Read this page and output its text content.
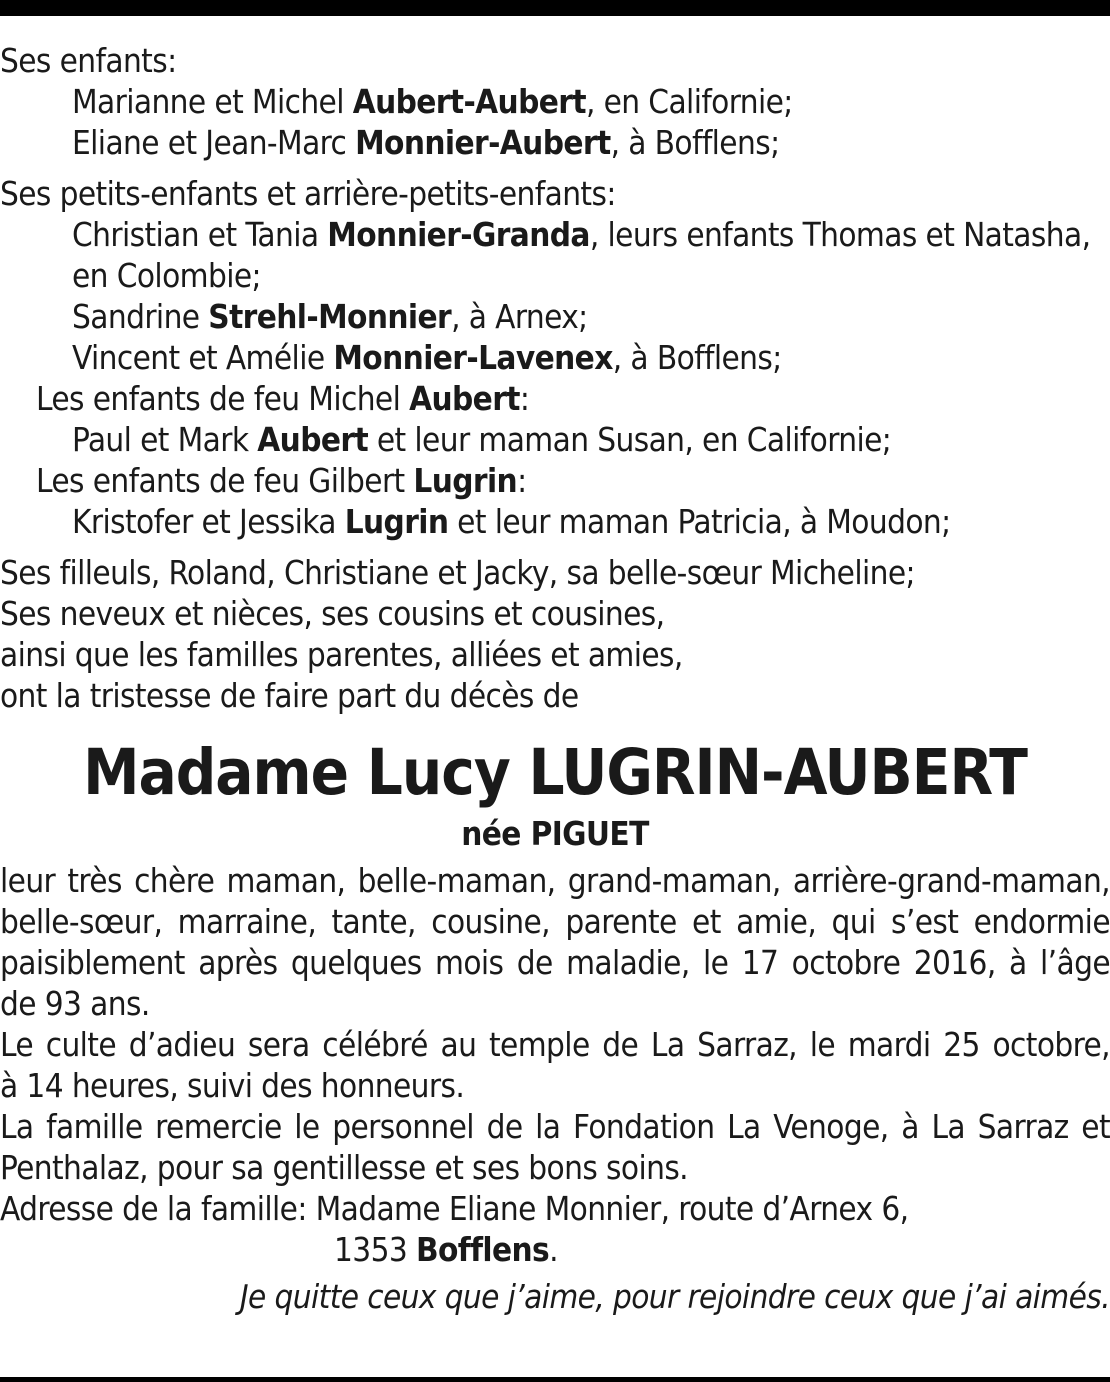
Ses enfants:
Marianne et Michel Aubert-Aubert, en Californie;
Eliane et Jean-Marc Monnier-Aubert, à Bofflens;
Ses petits-enfants et arrière-petits-enfants:
Christian et Tania Monnier-Granda, leurs enfants Thomas et Natasha,
en Colombie;
Sandrine Strehl-Monnier, à Arnex;
Vincent et Amélie Monnier-Lavenex, à Bofflens;
Les enfants de feu Michel Aubert:
Paul et Mark Aubert et leur maman Susan, en Californie;
Les enfants de feu Gilbert Lugrin:
Kristofer et Jessika Lugrin et leur maman Patricia, à Moudon;
Ses filleuls, Roland, Christiane et Jacky, sa belle-sœur Micheline;
Ses neveux et nièces, ses cousins et cousines,
ainsi que les familles parentes, alliées et amies,
ont la tristesse de faire part du décès de
Madame Lucy LUGRIN-AUBERT
née PIGUET
leur très chère maman, belle-maman, grand-maman, arrière-grand-maman,
belle-sœur, marraine, tante, cousine, parente et amie, qui s’est endormie
paisiblement après quelques mois de maladie, le 17 octobre 2016, à l’âge
de 93 ans.
Le culte d’adieu sera célébré au temple de La Sarraz, le mardi 25 octobre,
à 14 heures, suivi des honneurs.
La famille remercie le personnel de la Fondation La Venoge, à La Sarraz et
Penthalaz, pour sa gentillesse et ses bons soins.
Adresse de la famille: Madame Eliane Monnier, route d’Arnex 6,
1353 Bofflens.
Je quitte ceux que j’aime, pour rejoindre ceux que j’ai aimés.
